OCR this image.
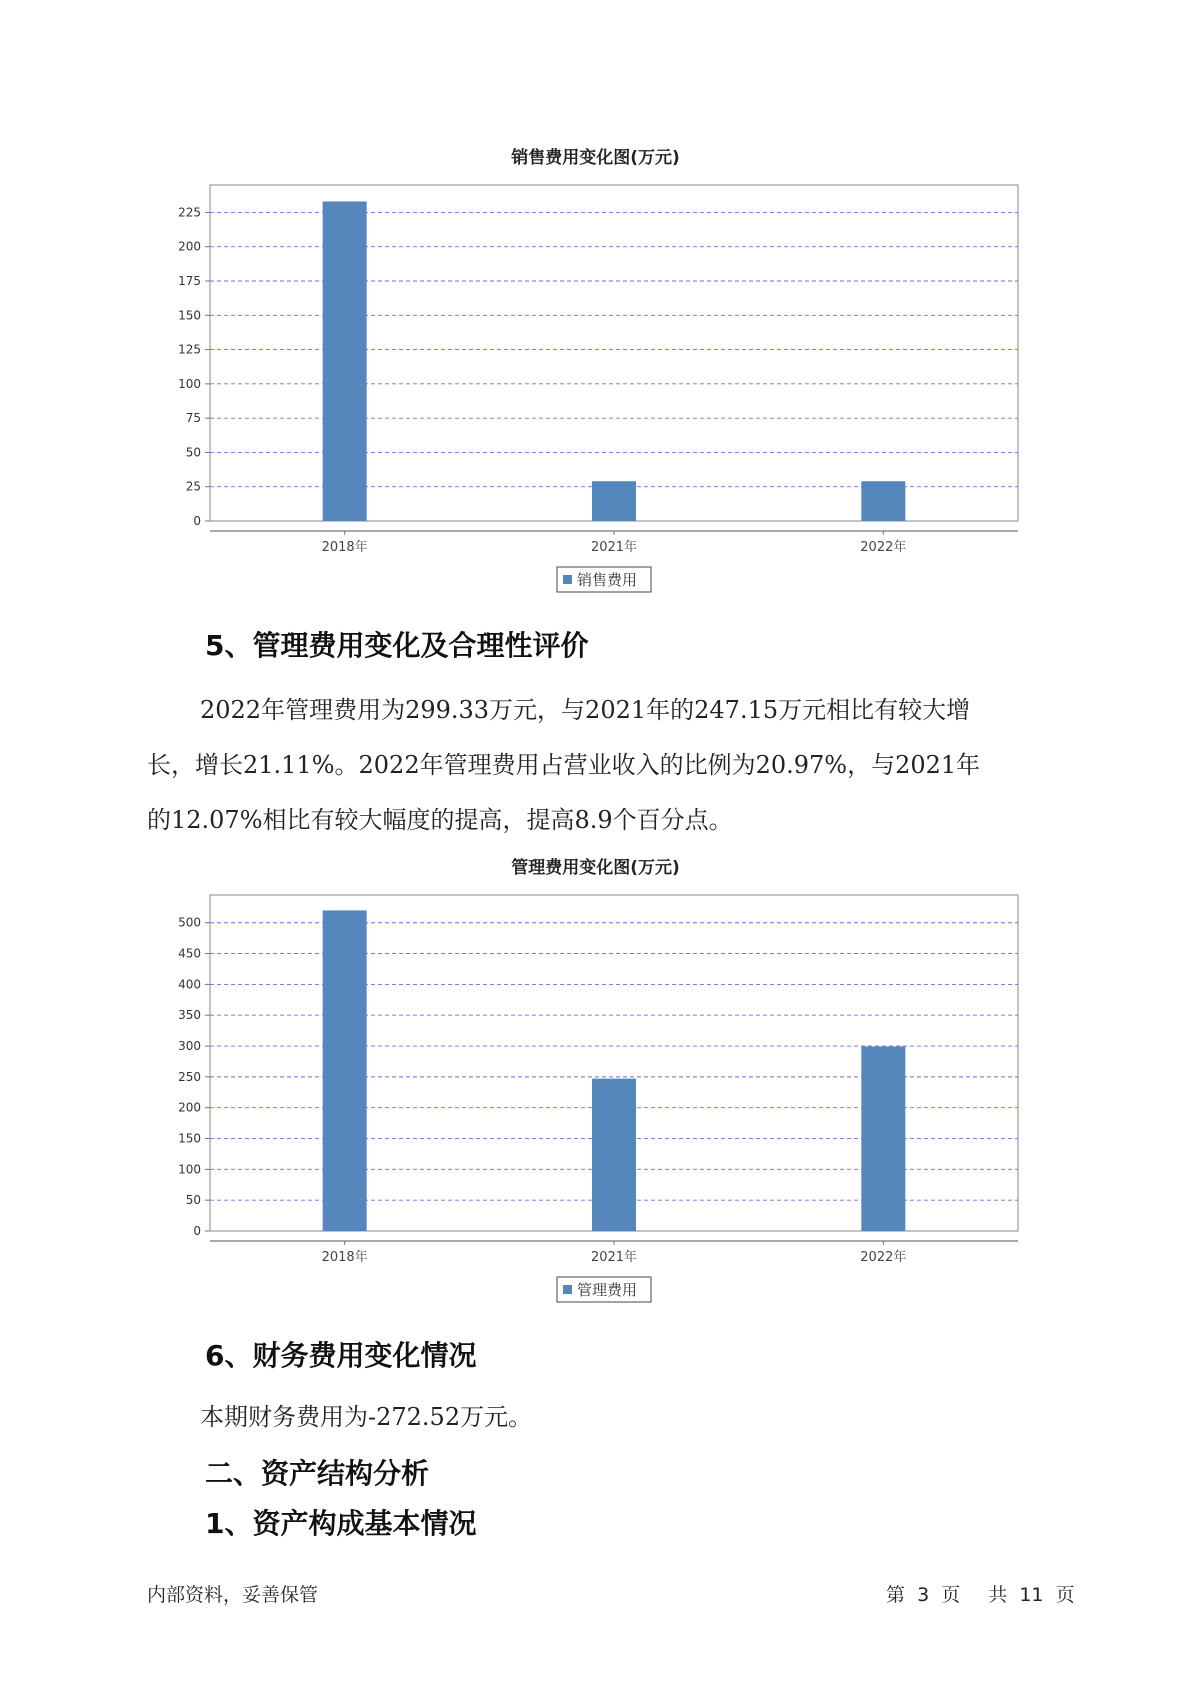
销售费用变化图(万元)
0
25
50
75
100
125
150
175
200
225
2018年	2021年	2022年
销售费用
5、管理费用变化及合理性评价
2022年管理费用为299.33万元，与2021年的247.15万元相比有较大增
长，增长21.11%。2022年管理费用占营业收入的比例为20.97%，与2021年
的12.07%相比有较大幅度的提高，提高8.9个百分点。
管理费用变化图(万元)
0
50
100
150
200
250
300
350
400
450
500
2018年	2021年	2022年
管理费用
6、财务费用变化情况
本期财务费用为-272.52万元。
二、资产结构分析
1、资产构成基本情况
内部资料，妥善保管	第 3 页 共 11 页
